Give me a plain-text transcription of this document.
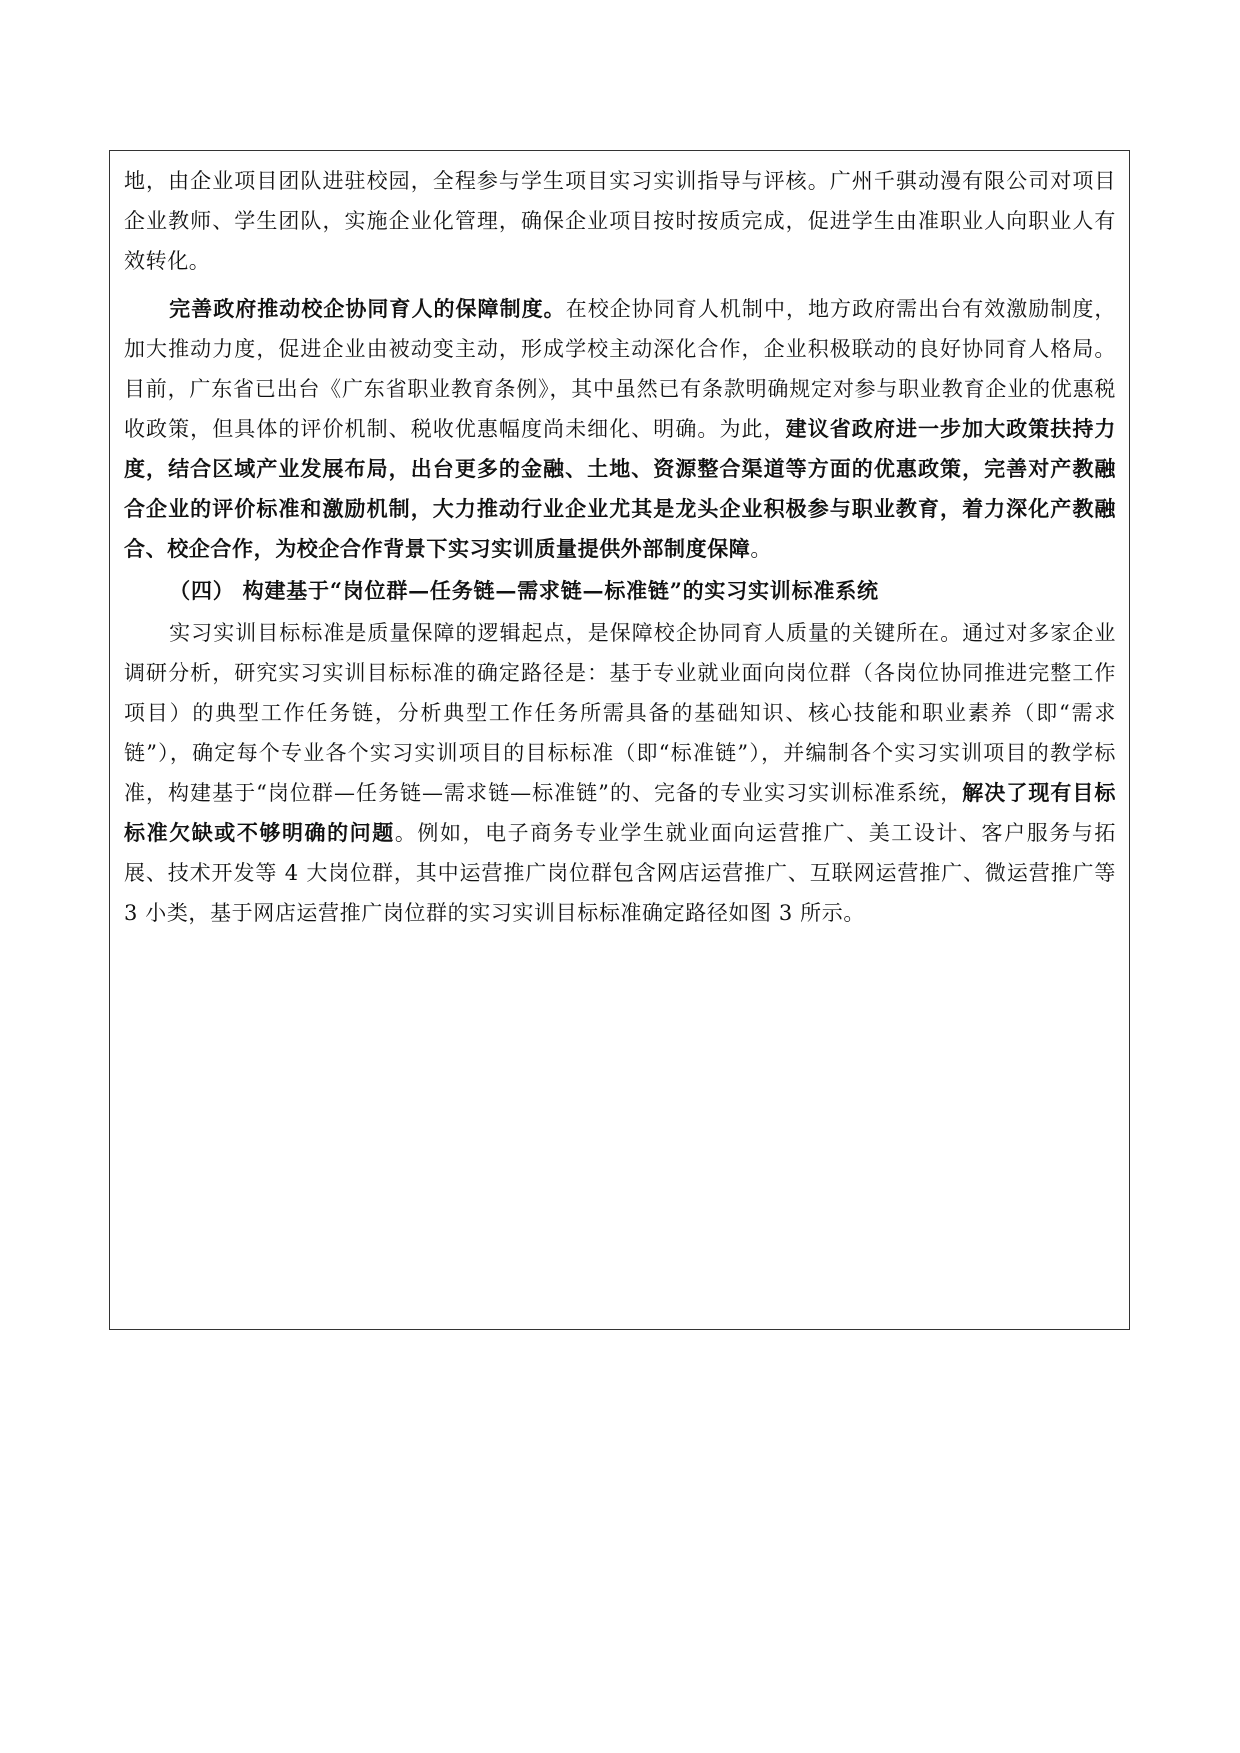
地，由企业项目团队进驻校园，全程参与学生项目实习实训指导与评核。广州千骐动漫有限公司对项目企业教师、学生团队，实施企业化管理，确保企业项目按时按质完成，促进学生由准职业人向职业人有效转化。

完善政府推动校企协同育人的保障制度。在校企协同育人机制中，地方政府需出台有效激励制度，加大推动力度，促进企业由被动变主动，形成学校主动深化合作，企业积极联动的良好协同育人格局。目前，广东省已出台《广东省职业教育条例》，其中虽然已有条款明确规定对参与职业教育企业的优惠税收政策，但具体的评价机制、税收优惠幅度尚未细化、明确。为此，建议省政府进一步加大政策扶持力度，结合区域产业发展布局，出台更多的金融、土地、资源整合渠道等方面的优惠政策，完善对产教融合企业的评价标准和激励机制，大力推动行业企业尤其是龙头企业积极参与职业教育，着力深化产教融合、校企合作，为校企合作背景下实习实训质量提供外部制度保障。

（四） 构建基于“岗位群—任务链—需求链—标准链”的实习实训标准系统

实习实训目标标准是质量保障的逻辑起点，是保障校企协同育人质量的关键所在。通过对多家企业调研分析，研究实习实训目标标准的确定路径是：基于专业就业面向岗位群（各岗位协同推进完整工作项目）的典型工作任务链，分析典型工作任务所需具备的基础知识、核心技能和职业素养（即“需求链”），确定每个专业各个实习实训项目的目标标准（即“标准链”），并编制各个实习实训项目的教学标准，构建基于“岗位群—任务链—需求链—标准链”的、完备的专业实习实训标准系统，解决了现有目标标准欠缺或不够明确的问题。例如，电子商务专业学生就业面向运营推广、美工设计、客户服务与拓展、技术开发等 4 大岗位群，其中运营推广岗位群包含网店运营推广、互联网运营推广、微运营推广等 3 小类，基于网店运营推广岗位群的实习实训目标标准确定路径如图 3 所示。
